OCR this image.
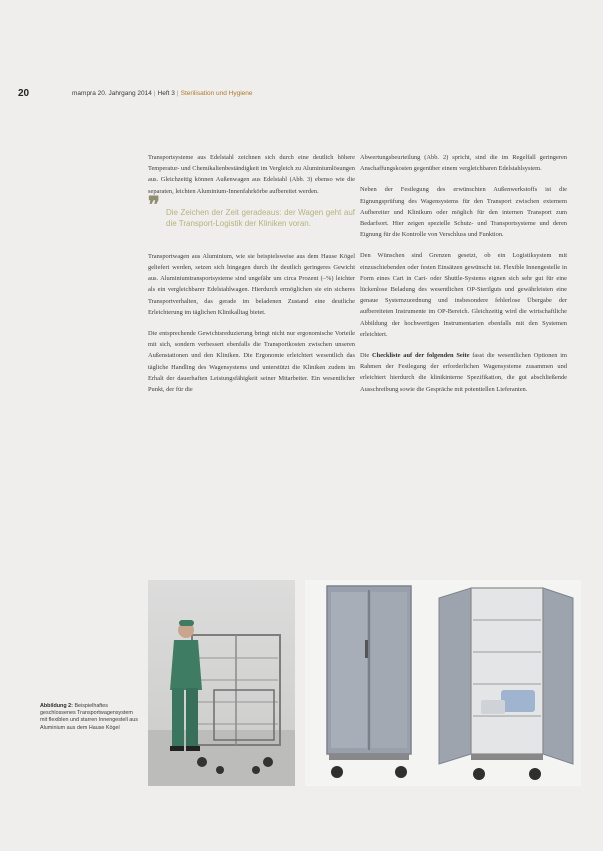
20	mampra 20. Jahrgang 2014 | Heft 3 | Sterilisation und Hygiene

Transportsysteme aus Edelstahl zeichnen sich durch eine deutlich höhere Temperatur- und Chemikalienbeständigkeit im Vergleich zu Aluminiumlösungen aus. Gleichzeitig können Außenwagen aus Edelstahl (Abb. 3) ebenso wie die separaten, leichten Aluminium-Innenfahrkörbe aufbereitet werden.

❞ Die Zeichen der Zeit geradeaus: der Wagen geht auf die Transport-Logistik der Kliniken voran.

Transportwagen aus Aluminium, wie sie beispielsweise aus dem Hause Kögel geliefert werden, setzen sich hingegen durch ihr deutlich geringeres Gewicht aus. Aluminiumtransportsysteme sind ungefähr um circa Prozent (–%) leichter als ein vergleichbarer Edelstahlwagen. Hierdurch ermöglichen sie ein sicheres Transportverhalten, das gerade im beladenen Zustand eine deutliche Erleichterung im täglichen Klinikalltag bietet.

Die entsprechende Gewichtsreduzierung bringt nicht nur ergonomische Vorteile mit sich, sondern verbessert ebenfalls die Transportkosten zwischen unseren Außenstationen und den Kliniken. Die Ergonomie erleichtert wesentlich das tägliche Handling des Wagensystems und unterstützt die Kliniken zudem im Erhalt der dauerhaften Leistungsfähigkeit seiner Mitarbeiter. Ein wesentlicher Punkt, der für die

Abwertungsbeurteilung (Abb. 2) spricht, sind die im Regelfall geringeren Anschaffungskosten gegenüber einem vergleichbaren Edelstahlsystem.

Neben der Festlegung des erwünschten Außenwerkstoffs ist die Eignungsprüfung des Wagensystems für den Transport zwischen externem Aufbereiter und Klinikum oder möglich für den internen Transport zum Bedarfsort. Hier zeigen spezielle Schutz- und Transportsysteme und deren Eignung für die Kontrolle von Verschluss und Funktion.

Den Wünschen sind Grenzen gesetzt, ob ein Logistiksystem mit einzuschiebenden oder festen Einsätzen gewünscht ist. Flexible Innengestelle in Form eines Cart in Cart- oder Shuttle-Systems eignen sich sehr gut für eine lückenlose Beladung des wesentlichen OP-Sterilguts und gewährleisten eine genaue Systemzuordnung und insbesondere fehlerlose Übergabe der aufbereiteten Instrumente im OP-Bereich. Gleichzeitig wird die wirtschaftliche Abbildung der hochwertigen Instrumentarien ebenfalls mit den Systemen erleichtert.

Die Checkliste auf der folgenden Seite fasst die wesentlichen Optionen im Rahmen der Festlegung der erforderlichen Wagensysteme zusammen und erleichtert hierdurch die klinikinterne Spezifikation, die gut abschließende Ausschreibung sowie die Gespräche mit potentiellen Lieferanten.

Abbildung 2: Beispielhaftes geschlossenes Transportwagensystem mit flexiblen und starren Innengestell aus Aluminium aus dem Hause Kögel
